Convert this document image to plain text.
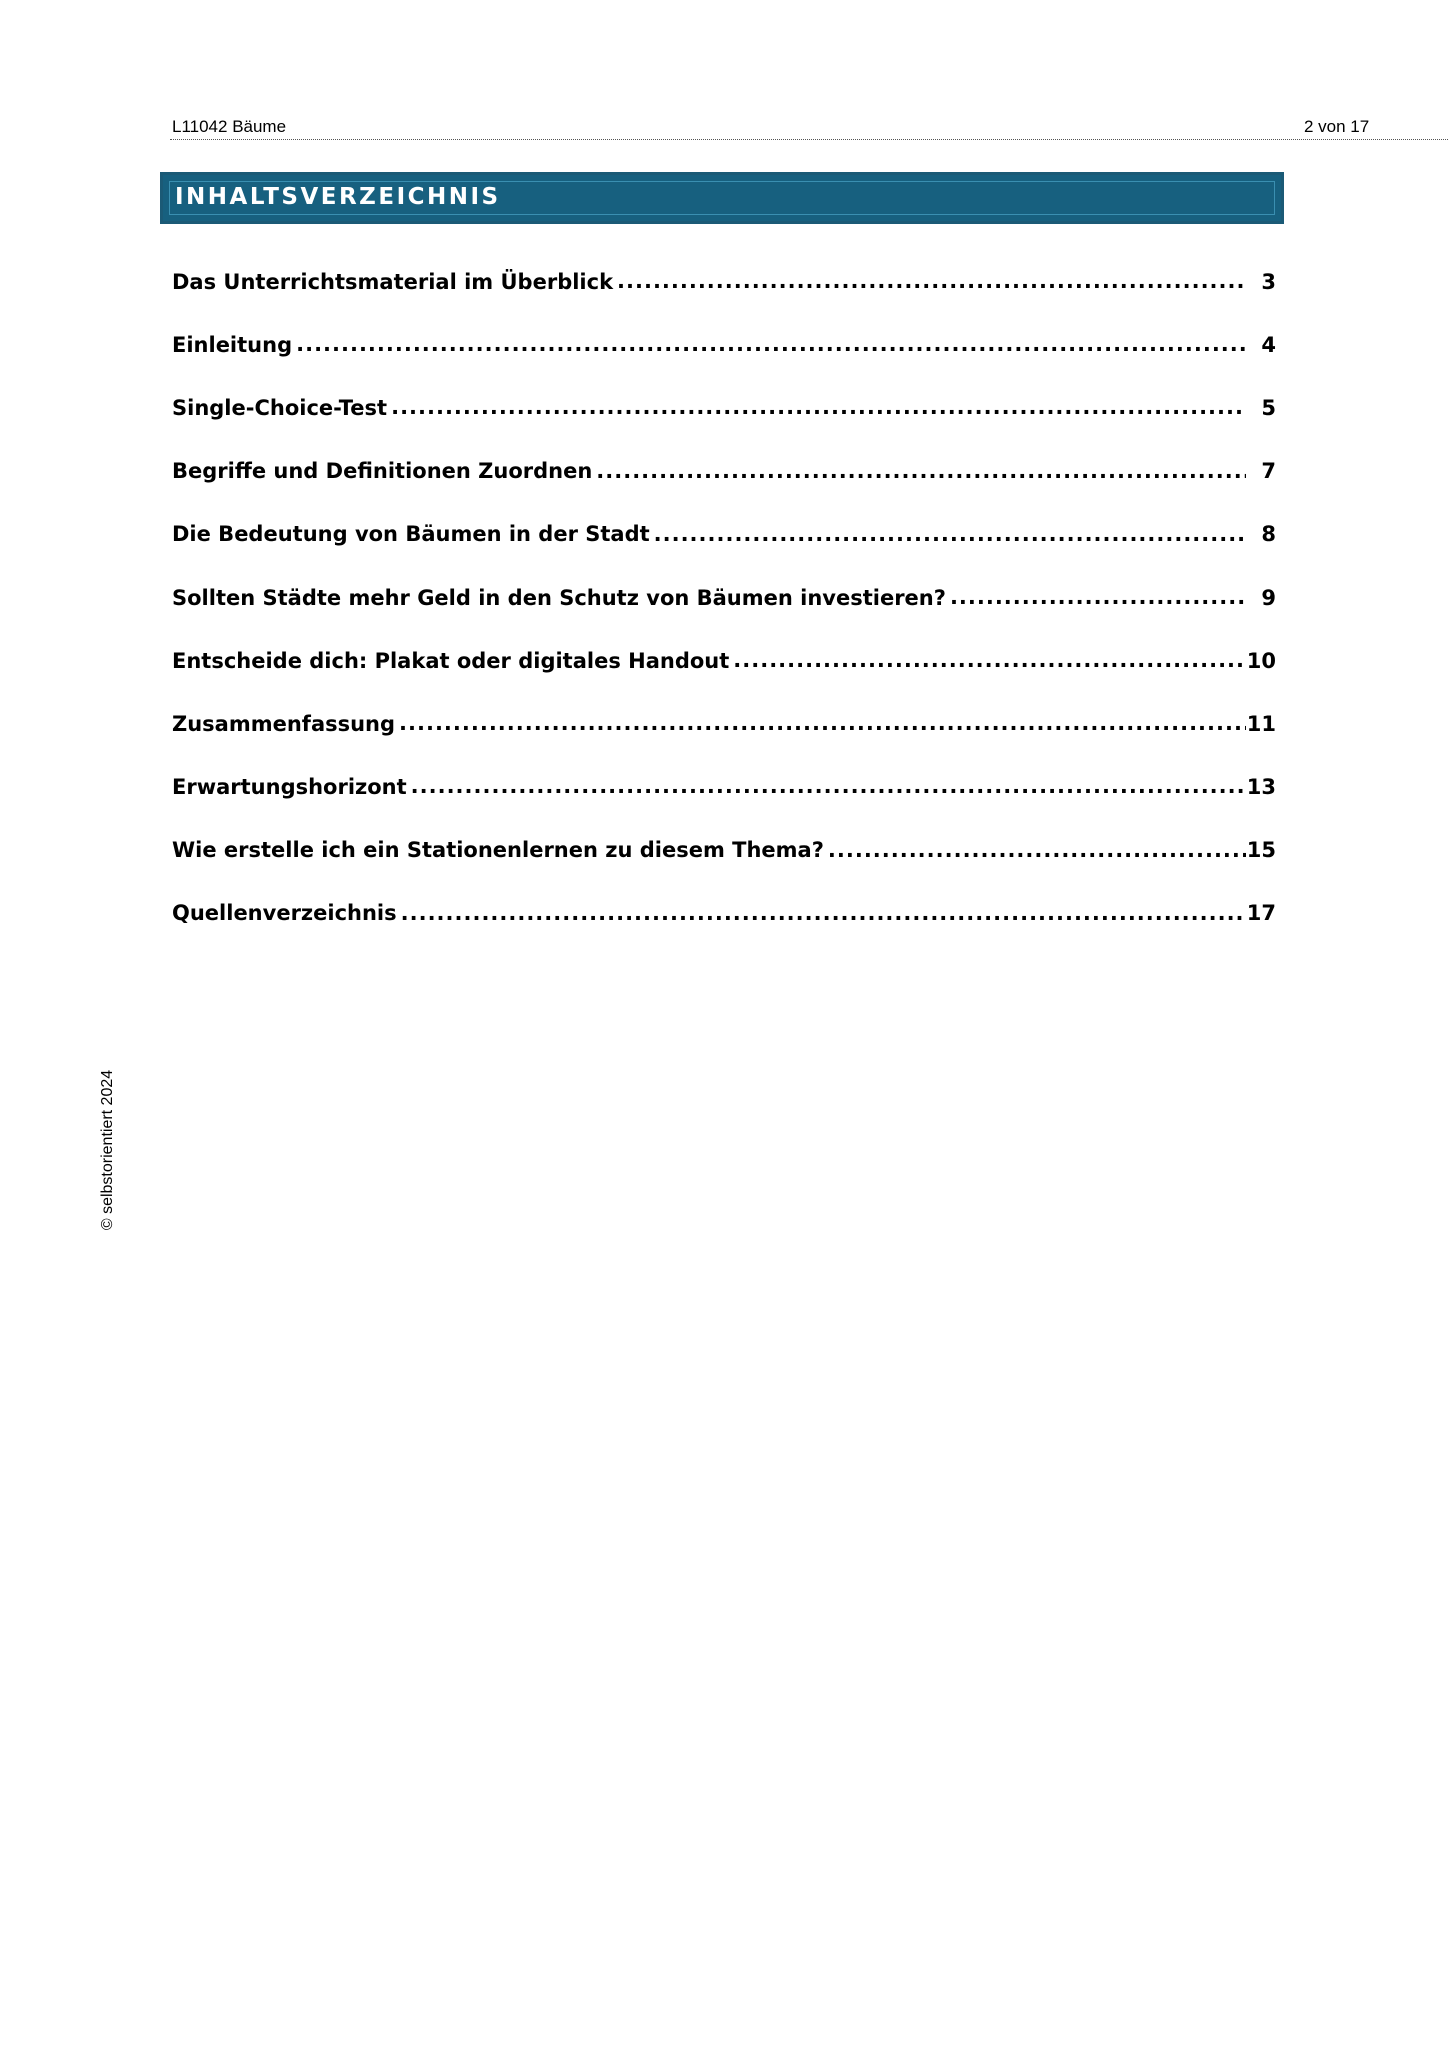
L11042 Bäume	2 von 17
INHALTSVERZEICHNIS
Das Unterrichtsmaterial im Überblick .....	3
Einleitung .....	4
Single-Choice-Test .....	5
Begriffe und Definitionen Zuordnen .....	7
Die Bedeutung von Bäumen in der Stadt .....	8
Sollten Städte mehr Geld in den Schutz von Bäumen investieren? .....	9
Entscheide dich: Plakat oder digitales Handout .....	10
Zusammenfassung .....	11
Erwartungshorizont .....	13
Wie erstelle ich ein Stationenlernen zu diesem Thema? .....	15
Quellenverzeichnis .....	17
© selbstorientiert 2024
